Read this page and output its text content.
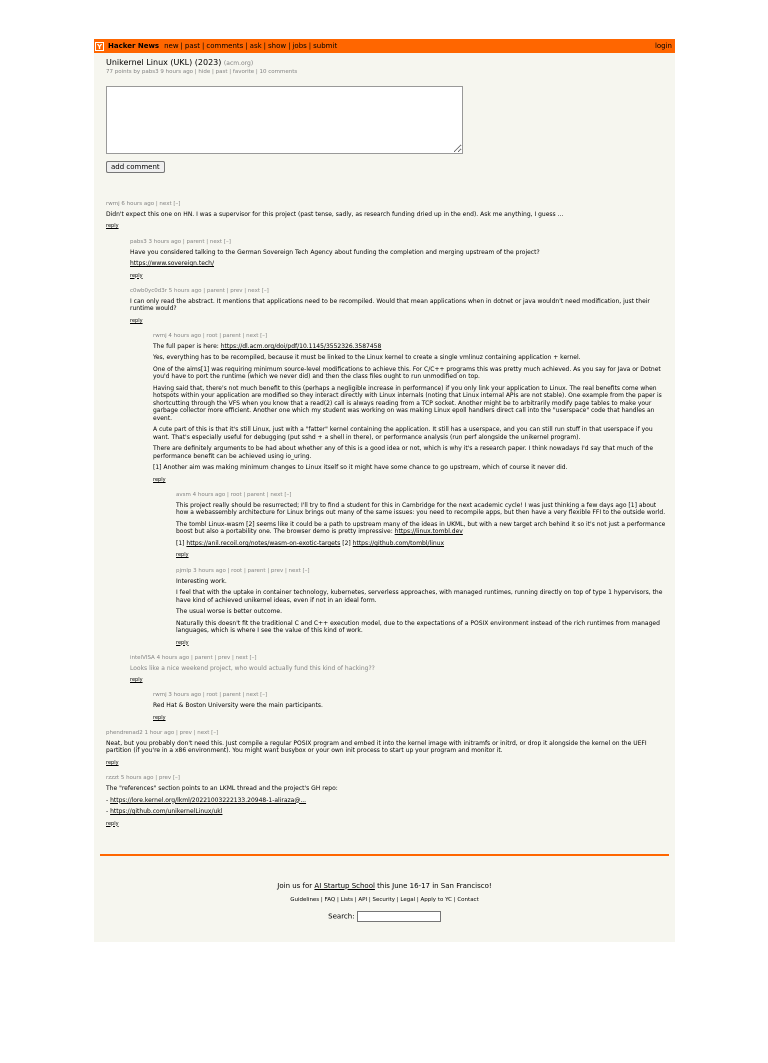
Y Hacker News new | past | comments | ask | show | jobs | submit	login
Unikernel Linux (UKL) (2023) (acm.org)
77 points by pabs3 9 hours ago | hide | past | favorite | 10 comments
add comment
rwmj 6 hours ago | next [–]

Didn't expect this one on HN. I was a supervisor for this project (past tense, sadly, as research funding dried up in the end). Ask me anything, I guess ...

reply
pabs3 3 hours ago | parent | next [–]

Have you considered talking to the German Sovereign Tech Agency about funding the completion and merging upstream of the project?

https://www.sovereign.tech/

reply
c0wb0yc0d3r 5 hours ago | parent | prev | next [–]

I can only read the abstract. It mentions that applications need to be recompiled. Would that mean applications when in dotnet or java wouldn't need modification, just their runtime would?

reply
rwmj 4 hours ago | root | parent | next [–]

The full paper is here: https://dl.acm.org/doi/pdf/10.1145/3552326.3587458

Yes, everything has to be recompiled, because it must be linked to the Linux kernel to create a single vmlinuz containing application + kernel.

One of the aims[1] was requiring minimum source-level modifications to achieve this. For C/C++ programs this was pretty much achieved. As you say for Java or Dotnet you'd have to port the runtime (which we never did) and then the class files ought to run unmodified on top.

Having said that, there's not much benefit to this (perhaps a negligible increase in performance) if you only link your application to Linux. The real benefits come when hotspots within your application are modified so they interact directly with Linux internals (noting that Linux internal APIs are not stable). One example from the paper is shortcutting through the VFS when you know that a read(2) call is always reading from a TCP socket. Another might be to arbitrarily modify page tables to make your garbage collector more efficient. Another one which my student was working on was making Linux epoll handlers direct call into the "userspace" code that handles an event.

A cute part of this is that it's still Linux, just with a "fatter" kernel containing the application. It still has a userspace, and you can still run stuff in that userspace if you want. That's especially useful for debugging (put sshd + a shell in there), or performance analysis (run perf alongside the unikernel program).

There are definitely arguments to be had about whether any of this is a good idea or not, which is why it's a research paper. I think nowadays I'd say that much of the performance benefit can be achieved using io_uring.

[1] Another aim was making minimum changes to Linux itself so it might have some chance to go upstream, which of course it never did.

reply
avsm 4 hours ago | root | parent | next [–]

This project really should be resurrected; I'll try to find a student for this in Cambridge for the next academic cycle! I was just thinking a few days ago [1] about how a webassembly architecture for Linux brings out many of the same issues: you need to recompile apps, but then have a very flexible FFI to the outside world.

The tombl Linux-wasm [2] seems like it could be a path to upstream many of the ideas in UKML, but with a new target arch behind it so it's not just a performance boost but also a portability one. The browser demo is pretty impressive: https://linux.tombl.dev

[1] https://anil.recoil.org/notes/wasm-on-exotic-targets [2] https://github.com/tombl/linux

reply
pjmlp 3 hours ago | root | parent | prev | next [–]

Interesting work.

I feel that with the uptake in container technology, kubernetes, serverless approaches, with managed runtimes, running directly on top of type 1 hypervisors, the have kind of achieved unikernel ideas, even if not in an ideal form.

The usual worse is better outcome.

Naturally this doesn't fit the traditional C and C++ execution model, due to the expectations of a POSIX environment instead of the rich runtimes from managed languages, which is where I see the value of this kind of work.

reply
intelVISA 4 hours ago | parent | prev | next [–]

Looks like a nice weekend project, who would actually fund this kind of hacking??

reply
rwmj 3 hours ago | root | parent | next [–]

Red Hat & Boston University were the main participants.

reply
phendrenad2 1 hour ago | prev | next [–]

Neat, but you probably don't need this. Just compile a regular POSIX program and embed it into the kernel image with initramfs or initrd, or drop it alongside the kernel on the UEFI partition (if you're in a x86 environment). You might want busybox or your own init process to start up your program and monitor it.

reply
rzzzt 5 hours ago | prev [–]

The "references" section points to an LKML thread and the project's GH repo:

- https://lore.kernel.org/lkml/20221003222133.20948-1-aliraza@...

- https://github.com/unikernelLinux/ukl

reply
Join us for AI Startup School this June 16-17 in San Francisco!
Guidelines | FAQ | Lists | API | Security | Legal | Apply to YC | Contact
Search:
